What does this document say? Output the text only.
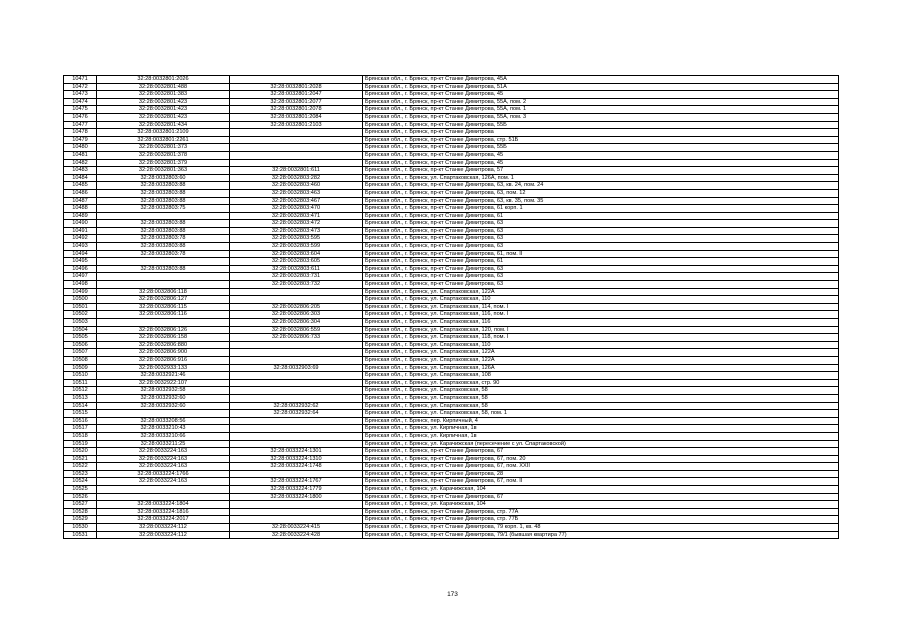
10471	32:28:0032801:2026		Брянская обл., г. Брянск, пр-кт Станке Димитрова, 45А
10472	32:28:0032801:488	32:28:0032801:2028	Брянская обл., г. Брянск, пр-кт Станке Димитрова, 51А
10473	32:28:0032801:383	32:28:0032801:2047	Брянская обл., г. Брянск, пр-кт Станке Димитрова, 45
10474	32:28:0032801:423	32:28:0032801:2077	Брянская обл., г. Брянск, пр-кт Станке Димитрова, 55А, пом. 2
10475	32:28:0032801:423	32:28:0032801:2078	Брянская обл., г. Брянск, пр-кт Станке Димитрова, 55А, пом. 1
10476	32:28:0032801:423	32:28:0032801:2084	Брянская обл., г. Брянск, пр-кт Станке Димитрова, 55А, пом. 3
10477	32:28:0032801:434	32:28:0032801:2103	Брянская обл., г. Брянск, пр-кт Станке Димитрова, 55Б
10478	32:28:0032801:2109		Брянская обл., г. Брянск, пр-кт Станке Димитрова
10479	32:28:0032801:2261		Брянская обл., г. Брянск, пр-кт Станке Димитрова, стр. 51Б
10480	32:28:0032801:373		Брянская обл., г. Брянск, пр-кт Станке Димитрова, 55Б
10481	32:28:0032801:378		Брянская обл., г. Брянск, пр-кт Станке Димитрова, 45
10482	32:28:0032801:379		Брянская обл., г. Брянск, пр-кт Станке Димитрова, 45
10483	32:28:0032801:363	32:28:0032801:611	Брянская обл., г. Брянск, пр-кт Станке Димитрова, 57
10484	32:28:0032803:60	32:28:0032803:282	Брянская обл., г. Брянск, ул. Спартаковская, 126А, пом. 1
10485	32:28:0032803:88	32:28:0032803:460	Брянская обл., г. Брянск, пр-кт Станке Димитрова, 63, кв. 24, пом. 24
10486	32:28:0032803:88	32:28:0032803:463	Брянская обл., г. Брянск, пр-кт Станке Димитрова, 63, пом. 12
10487	32:28:0032803:88	32:28:0032803:467	Брянская обл., г. Брянск, пр-кт Станке Димитрова, 63, кв. 35, пом. 35
10488	32:28:0032803:75	32:28:0032803:470	Брянская обл., г. Брянск, пр-кт Станке Димитрова, 61 корп. 1
10489		32:28:0032803:471	Брянская обл., г. Брянск, пр-кт Станке Димитрова, 61
10490	32:28:0032803:88	32:28:0032803:472	Брянская обл., г. Брянск, пр-кт Станке Димитрова, 63
10491	32:28:0032803:88	32:28:0032803:473	Брянская обл., г. Брянск, пр-кт Станке Димитрова, 63
10492	32:28:0032803:78	32:28:0032803:595	Брянская обл., г. Брянск, пр-кт Станке Димитрова, 63
10493	32:28:0032803:88	32:28:0032803:599	Брянская обл., г. Брянск, пр-кт Станке Димитрова, 63
10494	32:28:0032803:78	32:28:0032803:604	Брянская обл., г. Брянск, пр-кт Станке Димитрова, 61, пом. II
10495		32:28:0032803:605	Брянская обл., г. Брянск, пр-кт Станке Димитрова, 61
10496	32:28:0032803:88	32:28:0032803:611	Брянская обл., г. Брянск, пр-кт Станке Димитрова, 63
10497		32:28:0032803:731	Брянская обл., г. Брянск, пр-кт Станке Димитрова, 63
10498		32:28:0032803:732	Брянская обл., г. Брянск, пр-кт Станке Димитрова, 63
10499	32:28:0032806:118		Брянская обл., г. Брянск, ул. Спартаковская, 122А
10500	32:28:0032806:127		Брянская обл., г. Брянск, ул. Спартаковская, 110
10501	32:28:0032806:115	32:28:0032806:205	Брянская обл., г. Брянск, ул. Спартаковская, 114, пом. I
10502	32:28:0032806:116	32:28:0032806:303	Брянская обл., г. Брянск, ул. Спартаковская, 116, пом. I
10503		32:28:0032806:304	Брянская обл., г. Брянск, ул. Спартаковская, 116
10504	32:28:0032806:126	32:28:0032806:559	Брянская обл., г. Брянск, ул. Спартаковская, 120, пом. I
10505	32:28:0032806:158	32:28:0032806:733	Брянская обл., г. Брянск, ул. Спартаковская, 118, пом. I
10506	32:28:0032806:880		Брянская обл., г. Брянск, ул. Спартаковская, 110
10507	32:28:0032806:900		Брянская обл., г. Брянск, ул. Спартаковская, 122А
10508	32:28:0032806:916		Брянская обл., г. Брянск, ул. Спартаковская, 122А
10509	32:28:0032933:133	32:28:0032903:69	Брянская обл., г. Брянск, ул. Спартаковская, 126А
10510	32:28:0032921:46		Брянская обл., г. Брянск, ул. Спартаковская, 108
10511	32:28:0032922:107		Брянская обл., г. Брянск, ул. Спартаковская, стр. 90
10512	32:28:0032932:58		Брянская обл., г. Брянск, ул. Спартаковская, 58
10513	32:28:0032932:60		Брянская обл., г. Брянск, ул. Спартаковская, 58
10514	32:28:0032932:60	32:28:0032932:62	Брянская обл., г. Брянск, ул. Спартаковская, 58
10515		32:28:0032932:64	Брянская обл., г. Брянск, ул. Спартаковская, 58, пом. 1
10516	32:28:0033208:56		Брянская обл., г. Брянск, пер. Кирпичный, 4
10517	32:28:0033210:43		Брянская обл., г. Брянск, ул. Кирпичная, 1в
10518	32:28:0033210:66		Брянская обл., г. Брянск, ул. Кирпичная, 1в
10519	32:28:0033211:25		Брянская обл., г. Брянск, ул. Карачижская (пересечение с ул. Спартаковской)
10520	32:28:0033224:163	32:28:0033224:1301	Брянская обл., г. Брянск, пр-кт Станке Димитрова, 67
10521	32:28:0033224:163	32:28:0033224:1310	Брянская обл., г. Брянск, пр-кт Станке Димитрова, 67, пом. 20
10522	32:28:0033224:163	32:28:0033224:1748	Брянская обл., г. Брянск, пр-кт Станке Димитрова, 67, пом. XXII
10523	32:28:0033224:1766		Брянская обл., г. Брянск, пр-кт Станке Димитрова, 28
10524	32:28:0033224:163	32:28:0033224:1767	Брянская обл., г. Брянск, пр-кт Станке Димитрова, 67, пом. II
10525		32:28:0033224:1779	Брянская обл., г. Брянск, ул. Карачижская, 104
10526		32:28:0033224:1800	Брянская обл., г. Брянск, пр-кт Станке Димитрова, 67
10527	32:28:0033224:1804		Брянская обл., г. Брянск, ул. Карачижская, 104
10528	32:28:0033224:1816		Брянская обл., г. Брянск, пр-кт Станке Димитрова, стр. 77А
10529	32:28:0033224:2017		Брянская обл., г. Брянск, пр-кт Станке Димитрова, стр. 77Б
10530	32:28:0033224:112	32:28:0033224:415	Брянская обл., г. Брянск, пр-кт Станке Димитрова, 79 корп. 1, кв. 48
10531	32:28:0033224:112	32:28:0033224:428	Брянская обл., г. Брянск, пр-кт Станке Димитрова, 79/1 (бывшая квартира 77)
173
